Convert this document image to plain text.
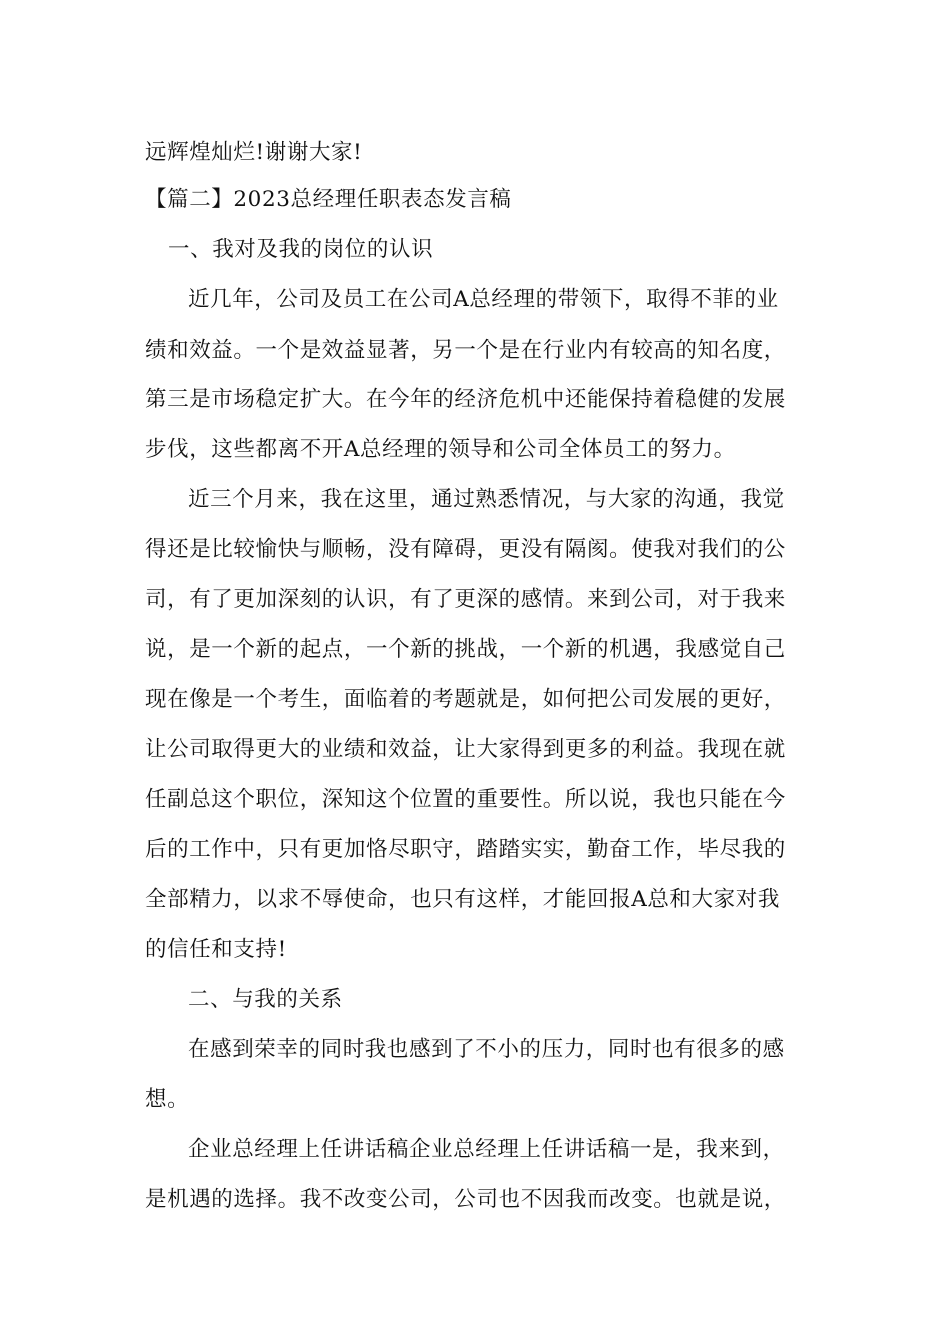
远辉煌灿烂!谢谢大家!
【篇二】2023总经理任职表态发言稿
一、我对及我的岗位的认识
近几年，公司及员工在公司A总经理的带领下，取得不菲的业
绩和效益。一个是效益显著，另一个是在行业内有较高的知名度，
第三是市场稳定扩大。在今年的经济危机中还能保持着稳健的发展
步伐，这些都离不开A总经理的领导和公司全体员工的努力。
近三个月来，我在这里，通过熟悉情况，与大家的沟通，我觉
得还是比较愉快与顺畅，没有障碍，更没有隔阂。使我对我们的公
司，有了更加深刻的认识，有了更深的感情。来到公司，对于我来
说，是一个新的起点，一个新的挑战，一个新的机遇，我感觉自己
现在像是一个考生，面临着的考题就是，如何把公司发展的更好，
让公司取得更大的业绩和效益，让大家得到更多的利益。我现在就
任副总这个职位，深知这个位置的重要性。所以说，我也只能在今
后的工作中，只有更加恪尽职守，踏踏实实，勤奋工作，毕尽我的
全部精力，以求不辱使命，也只有这样，才能回报A总和大家对我
的信任和支持!
二、与我的关系
在感到荣幸的同时我也感到了不小的压力，同时也有很多的感
想。
企业总经理上任讲话稿企业总经理上任讲话稿一是，我来到，
是机遇的选择。我不改变公司，公司也不因我而改变。也就是说，
